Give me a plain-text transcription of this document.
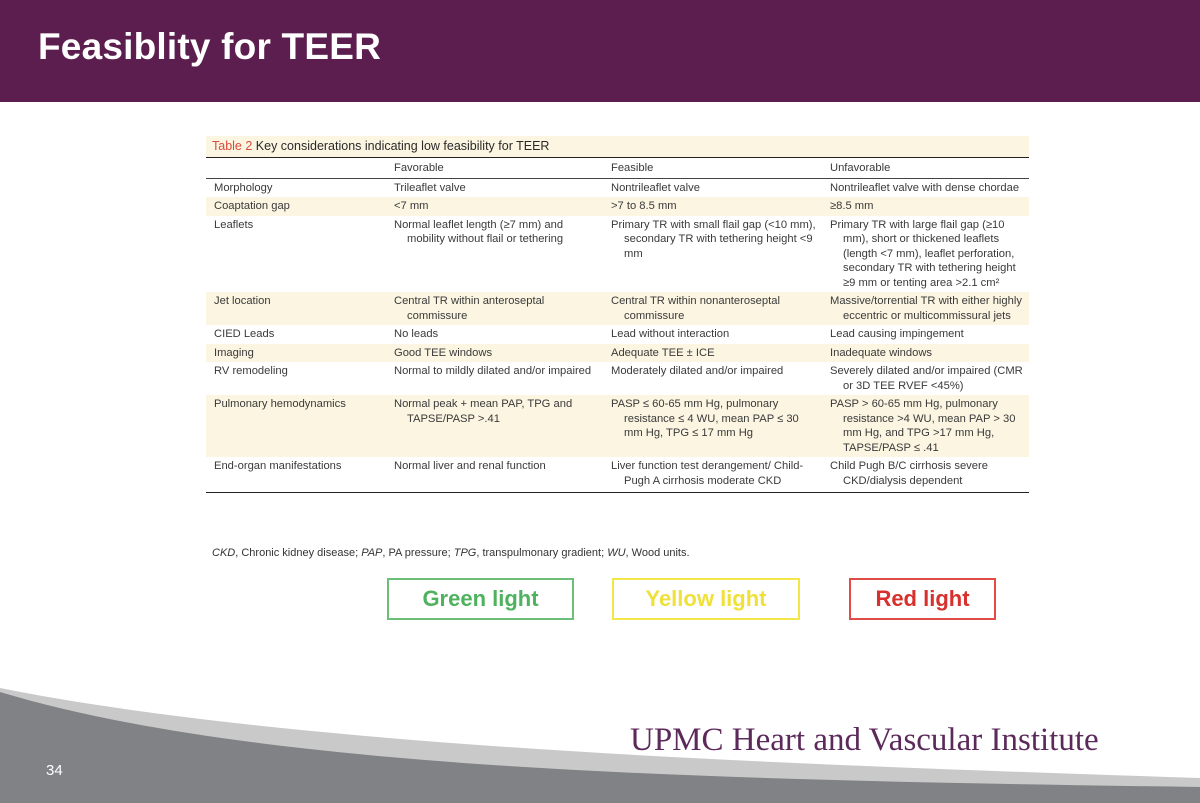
Feasiblity for TEER
Table 2 Key considerations indicating low feasibility for TEER
	Favorable	Feasible	Unfavorable
Morphology	Trileaflet valve	Nontrileaflet valve	Nontrileaflet valve with dense chordae

Coaptation gap	<7 mm	>7 to 8.5 mm	≥8.5 mm

Leaflets	Normal leaflet length (≥7 mm) and mobility without flail or tethering	Primary TR with small flail gap (<10 mm), secondary TR with tethering height <9 mm	Primary TR with large flail gap (≥10 mm), short or thickened leaflets (length <7 mm), leaflet perforation, secondary TR with tethering height ≥9 mm or tenting area >2.1 cm²

Jet location	Central TR within anteroseptal commissure	Central TR within nonanteroseptal commissure	Massive/torrential TR with either highly eccentric or multicommissural jets

CIED Leads	No leads	Lead without interaction	Lead causing impingement

Imaging	Good TEE windows	Adequate TEE ± ICE	Inadequate windows

RV remodeling	Normal to mildly dilated and/or impaired	Moderately dilated and/or impaired	Severely dilated and/or impaired (CMR or 3D TEE RVEF <45%)

Pulmonary hemodynamics	Normal peak + mean PAP, TPG and TAPSE/PASP >.41	PASP ≤ 60-65 mm Hg, pulmonary resistance ≤ 4 WU, mean PAP ≤ 30 mm Hg, TPG ≤ 17 mm Hg	PASP > 60-65 mm Hg, pulmonary resistance >4 WU, mean PAP > 30 mm Hg, and TPG >17 mm Hg, TAPSE/PASP ≤ .41

End-organ manifestations	Normal liver and renal function	Liver function test derangement/ Child-Pugh A cirrhosis moderate CKD	Child Pugh B/C cirrhosis severe CKD/dialysis dependent
CKD, Chronic kidney disease; PAP, PA pressure; TPG, transpulmonary gradient; WU, Wood units.
Green light	Yellow light	Red light
UPMC Heart and Vascular Institute
34
